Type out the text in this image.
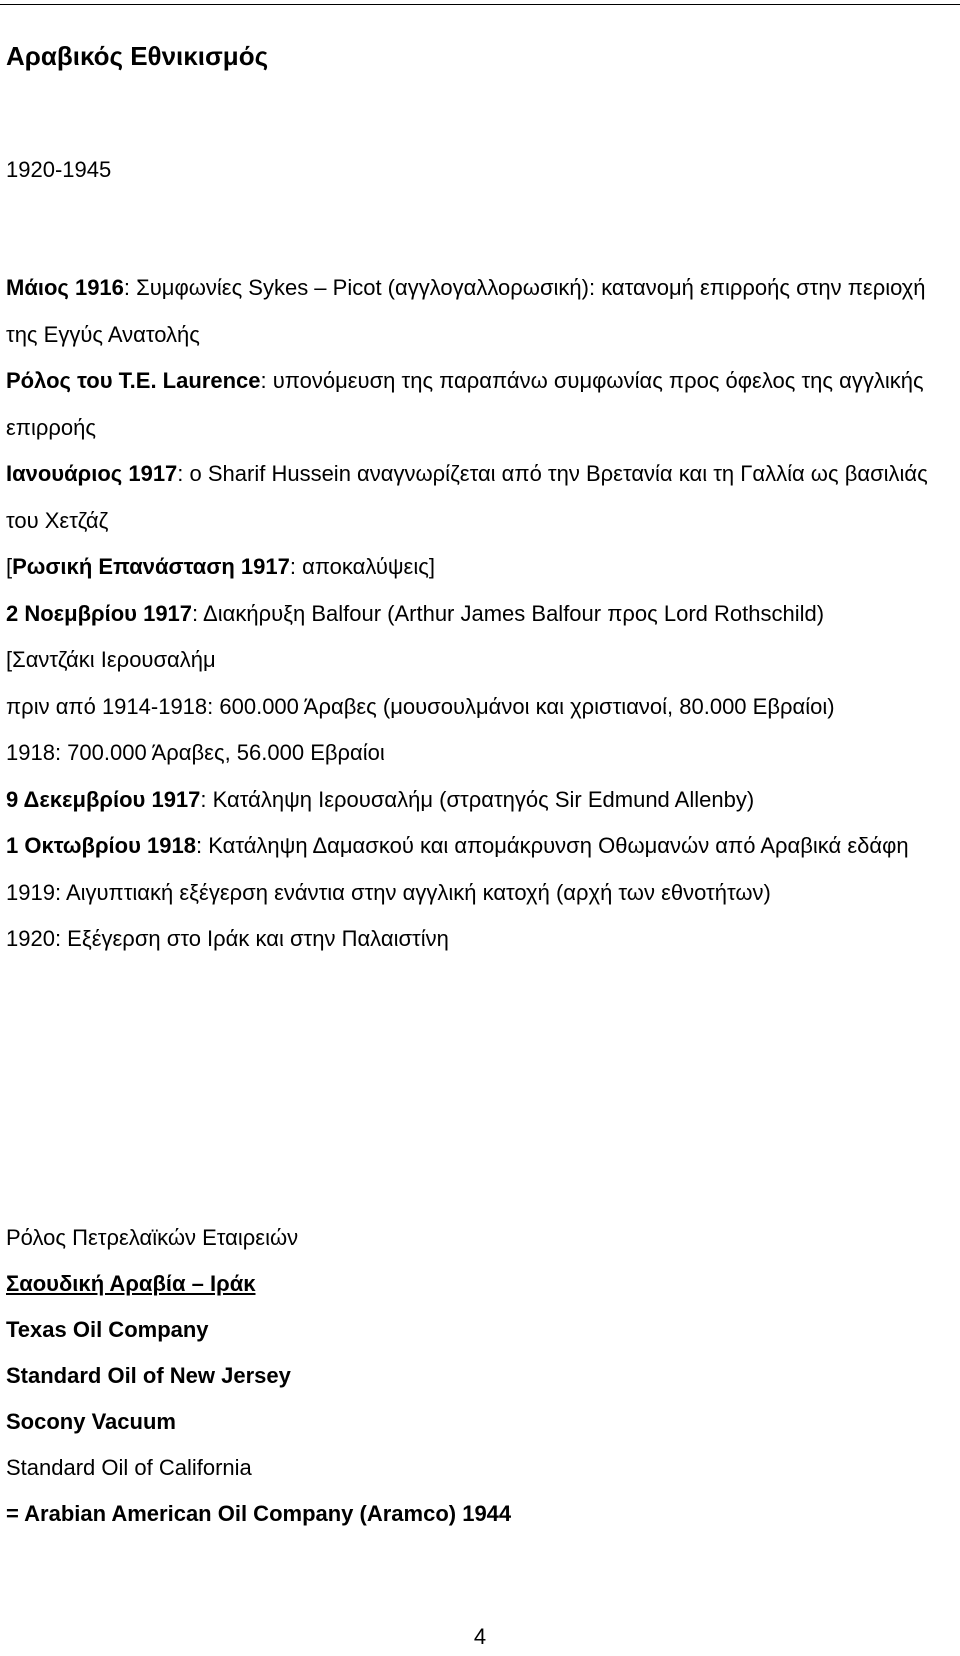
Αραβικός Εθνικισμός

1920-1945

Μάιος 1916: Συμφωνίες Sykes – Picot (αγγλογαλλορωσική): κατανομή επιρροής στην περιοχή της Εγγύς Ανατολής

Ρόλος του Τ.Ε. Laurence: υπονόμευση της παραπάνω συμφωνίας προς όφελος της αγγλικής επιρροής

Ιανουάριος 1917: ο Sharif Hussein αναγνωρίζεται από την Βρετανία και τη Γαλλία ως βασιλιάς του Χετζάζ

[Ρωσική Επανάσταση 1917: αποκαλύψεις]

2 Νοεμβρίου 1917: Διακήρυξη Balfour (Arthur James Balfour προς Lord Rothschild)

[Σαντζάκι Ιερουσαλήμ

πριν από 1914-1918: 600.000 Άραβες (μουσουλμάνοι και χριστιανοί, 80.000 Εβραίοι)

1918: 700.000 Άραβες, 56.000 Εβραίοι

9 Δεκεμβρίου 1917: Κατάληψη Ιερουσαλήμ (στρατηγός Sir Edmund Allenby)

1 Οκτωβρίου 1918: Κατάληψη Δαμασκού και απομάκρυνση Οθωμανών από Αραβικά εδάφη

1919: Αιγυπτιακή εξέγερση ενάντια στην αγγλική κατοχή (αρχή των εθνοτήτων)

1920: Εξέγερση στο Ιράκ και στην Παλαιστίνη

Ρόλος Πετρελαϊκών Εταιρειών

Σαουδική Αραβία – Ιράκ

Texas Oil Company

Standard Oil of New Jersey

Socony Vacuum

Standard Oil of California

= Arabian American Oil Company (Aramco) 1944

4
